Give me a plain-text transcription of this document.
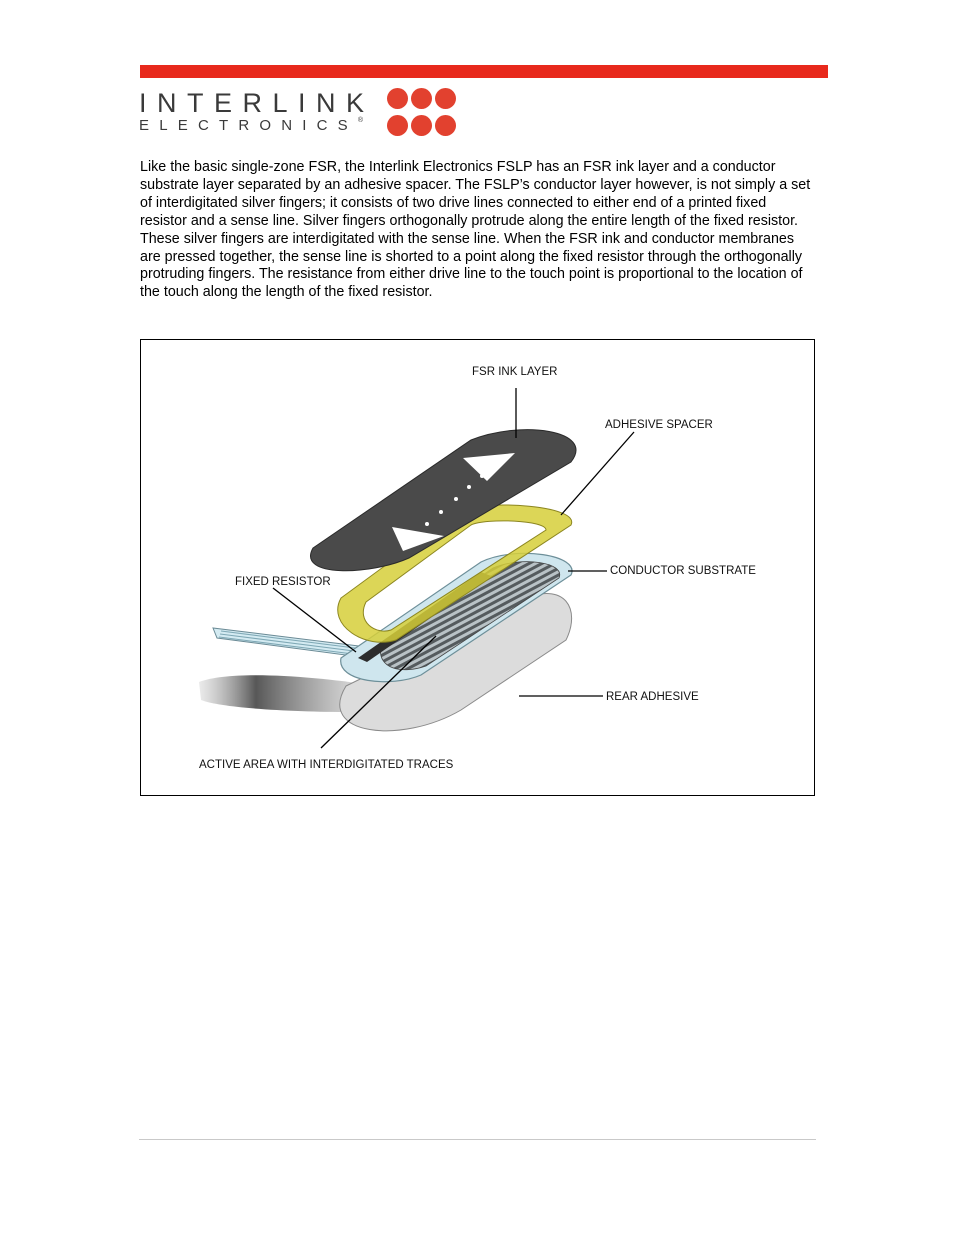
INTERLINK
ELECTRONICS®
Like the basic single-zone FSR, the Interlink Electronics FSLP has an FSR ink layer and a conductor substrate layer separated by an adhesive spacer. The FSLP’s conductor layer however, is not simply a set of interdigitated silver fingers; it consists of two drive lines connected to either end of a printed fixed resistor and a sense line. Silver fingers orthogonally protrude along the entire length of the fixed resistor. These silver fingers are interdigitated with the sense line. When the FSR ink and conductor membranes are pressed together, the sense line is shorted to a point along the fixed resistor through the orthogonally protruding fingers. The resistance from either drive line to the touch point is proportional to the location of the touch along the length of the fixed resistor.
FSR INK LAYER
ADHESIVE SPACER
CONDUCTOR SUBSTRATE
FIXED RESISTOR
REAR ADHESIVE
ACTIVE AREA WITH INTERDIGITATED TRACES
